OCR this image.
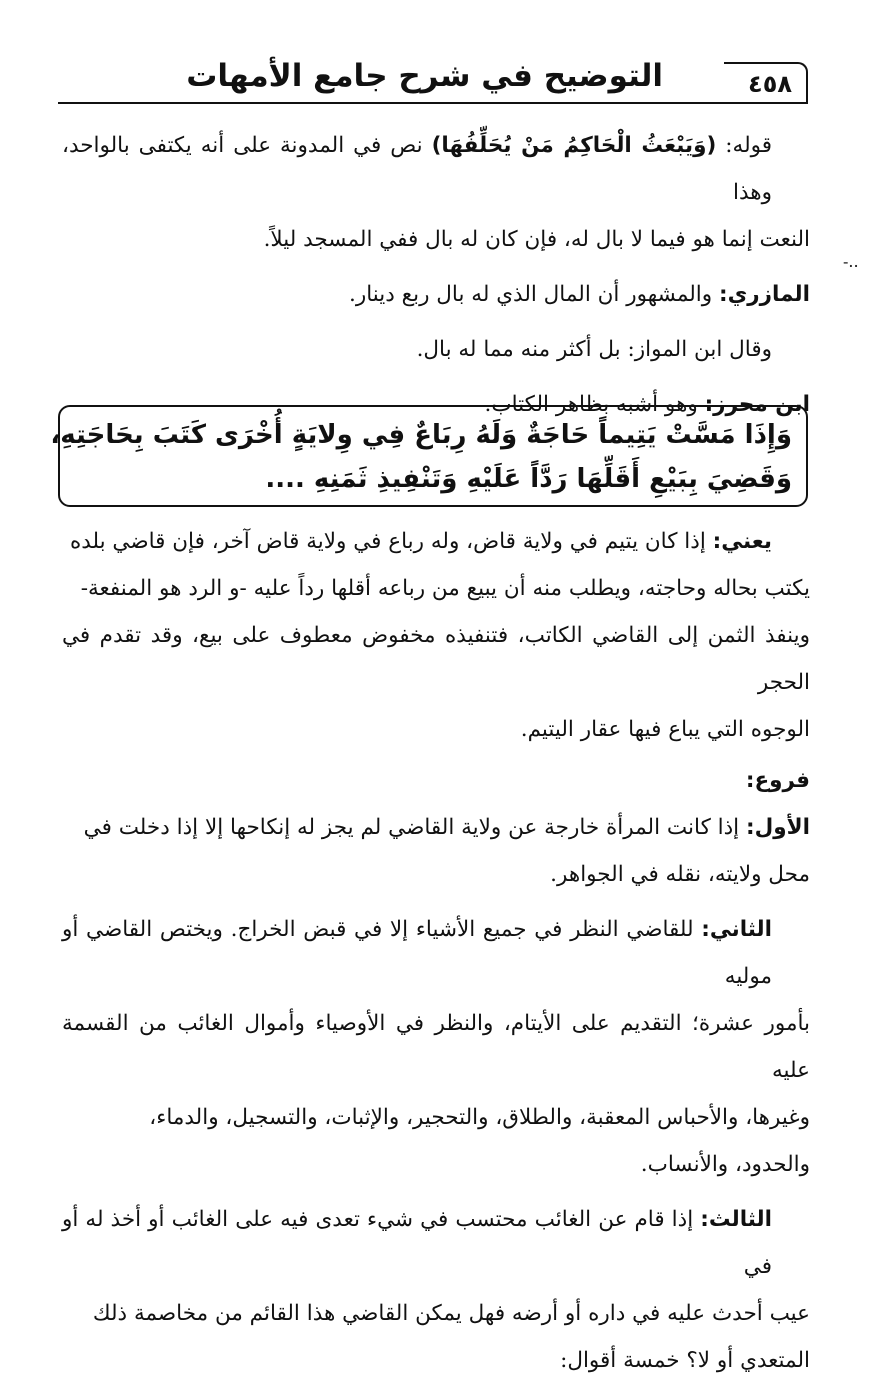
التوضيح في شرح جامع الأمهات	٤٥٨
-..

قوله: (وَيَبْعَثُ الْحَاكِمُ مَنْ يُحَلِّفُهَا) نص في المدونة على أنه يكتفى بالواحد، وهذا

النعت إنما هو فيما لا بال له، فإن كان له بال ففي المسجد ليلاً.

المازري: والمشهور أن المال الذي له بال ربع دينار.

وقال ابن المواز: بل أكثر منه مما له بال.

ابن محرز: وهو أشبه بظاهر الكتاب.

وَإِذَا مَسَّتْ يَتِيماً حَاجَةٌ وَلَهُ رِبَاعٌ فِي وِلايَةٍ أُخْرَى كَتَبَ بِحَاجَتِهِ،
وَقَضِيَ بِبَيْعِ أَقَلِّهَا رَدَّاً عَلَيْهِ وَتَنْفِيذِ ثَمَنِهِ ....

يعني: إذا كان يتيم في ولاية قاض، وله رباع في ولاية قاض آخر، فإن قاضي بلده

يكتب بحاله وحاجته، ويطلب منه أن يبيع من رباعه أقلها رداً عليه -و الرد هو المنفعة-

وينفذ الثمن إلى القاضي الكاتب، فتنفيذه مخفوض معطوف على بيع، وقد تقدم في الحجر

الوجوه التي يباع فيها عقار اليتيم.

فروع:

الأول: إذا كانت المرأة خارجة عن ولاية القاضي لم يجز له إنكاحها إلا إذا دخلت في

محل ولايته، نقله في الجواهر.

الثاني: للقاضي النظر في جميع الأشياء إلا في قبض الخراج. ويختص القاضي أو موليه

بأمور عشرة؛ التقديم على الأيتام، والنظر في الأوصياء وأموال الغائب من القسمة عليه

وغيرها، والأحباس المعقبة، والطلاق، والتحجير، والإثبات، والتسجيل، والدماء،

والحدود، والأنساب.

الثالث: إذا قام عن الغائب محتسب في شيء تعدى فيه على الغائب أو أخذ له أو في

عيب أحدث عليه في داره أو أرضه فهل يمكن القاضي هذا القائم من مخاصمة ذلك

المتعدي أو لا؟ خمسة أقوال:
